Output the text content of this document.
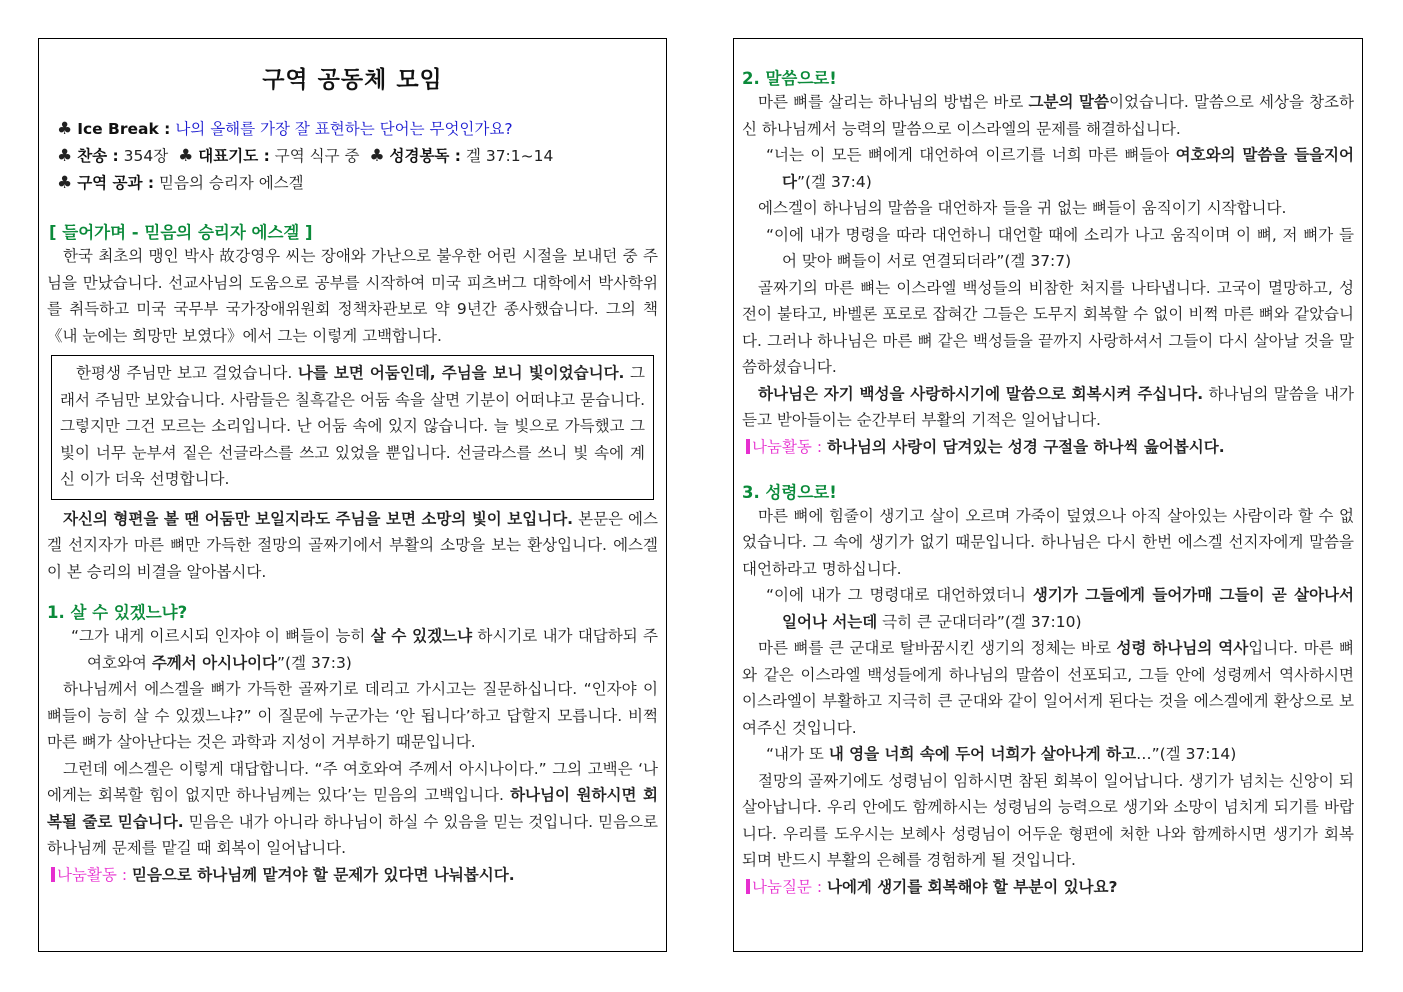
구역 공동체 모임
♣ Ice Break : 나의 올해를 가장 잘 표현하는 단어는 무엇인가요?
♣ 찬송 : 354장 ♣ 대표기도 : 구역 식구 중 ♣ 성경봉독 : 겔 37:1~14
♣ 구역 공과 : 믿음의 승리자 에스겔
[ 들어가며 - 믿음의 승리자 에스겔 ]

한국 최초의 맹인 박사 故강영우 씨는 장애와 가난으로 불우한 어린 시절을 보내던 중 주님을 만났습니다. 선교사님의 도움으로 공부를 시작하여 미국 피츠버그 대학에서 박사학위를 취득하고 미국 국무부 국가장애위원회 정책차관보로 약 9년간 종사했습니다. 그의 책《내 눈에는 희망만 보였다》에서 그는 이렇게 고백합니다.

한평생 주님만 보고 걸었습니다. 나를 보면 어둠인데, 주님을 보니 빛이었습니다. 그래서 주님만 보았습니다. 사람들은 칠흑같은 어둠 속을 살면 기분이 어떠냐고 묻습니다. 그렇지만 그건 모르는 소리입니다. 난 어둠 속에 있지 않습니다. 늘 빛으로 가득했고 그 빛이 너무 눈부셔 짙은 선글라스를 쓰고 있었을 뿐입니다. 선글라스를 쓰니 빛 속에 계신 이가 더욱 선명합니다.

자신의 형편을 볼 땐 어둠만 보일지라도 주님을 보면 소망의 빛이 보입니다. 본문은 에스겔 선지자가 마른 뼈만 가득한 절망의 골짜기에서 부활의 소망을 보는 환상입니다. 에스겔이 본 승리의 비결을 알아봅시다.

1. 살 수 있겠느냐?

“그가 내게 이르시되 인자야 이 뼈들이 능히 살 수 있겠느냐 하시기로 내가 대답하되 주 여호와여 주께서 아시나이다”(겔 37:3)

하나님께서 에스겔을 뼈가 가득한 골짜기로 데리고 가시고는 질문하십니다. “인자야 이 뼈들이 능히 살 수 있겠느냐?” 이 질문에 누군가는 ‘안 됩니다’하고 답할지 모릅니다. 비쩍 마른 뼈가 살아난다는 것은 과학과 지성이 거부하기 때문입니다.

그런데 에스겔은 이렇게 대답합니다. “주 여호와여 주께서 아시나이다.” 그의 고백은 ‘나에게는 회복할 힘이 없지만 하나님께는 있다’는 믿음의 고백입니다. 하나님이 원하시면 회복될 줄로 믿습니다. 믿음은 내가 아니라 하나님이 하실 수 있음을 믿는 것입니다. 믿음으로 하나님께 문제를 맡길 때 회복이 일어납니다.

나눔활동 : 믿음으로 하나님께 맡겨야 할 문제가 있다면 나눠봅시다.
2. 말씀으로!

마른 뼈를 살리는 하나님의 방법은 바로 그분의 말씀이었습니다. 말씀으로 세상을 창조하신 하나님께서 능력의 말씀으로 이스라엘의 문제를 해결하십니다.

“너는 이 모든 뼈에게 대언하여 이르기를 너희 마른 뼈들아 여호와의 말씀을 들을지어다”(겔 37:4)

에스겔이 하나님의 말씀을 대언하자 들을 귀 없는 뼈들이 움직이기 시작합니다.

“이에 내가 명령을 따라 대언하니 대언할 때에 소리가 나고 움직이며 이 뼈, 저 뼈가 들어 맞아 뼈들이 서로 연결되더라”(겔 37:7)

골짜기의 마른 뼈는 이스라엘 백성들의 비참한 처지를 나타냅니다. 고국이 멸망하고, 성전이 불타고, 바벨론 포로로 잡혀간 그들은 도무지 회복할 수 없이 비쩍 마른 뼈와 같았습니다. 그러나 하나님은 마른 뼈 같은 백성들을 끝까지 사랑하셔서 그들이 다시 살아날 것을 말씀하셨습니다.

하나님은 자기 백성을 사랑하시기에 말씀으로 회복시켜 주십니다. 하나님의 말씀을 내가 듣고 받아들이는 순간부터 부활의 기적은 일어납니다.

나눔활동 : 하나님의 사랑이 담겨있는 성경 구절을 하나씩 읊어봅시다.
3. 성령으로!

마른 뼈에 힘줄이 생기고 살이 오르며 가죽이 덮였으나 아직 살아있는 사람이라 할 수 없었습니다. 그 속에 생기가 없기 때문입니다. 하나님은 다시 한번 에스겔 선지자에게 말씀을 대언하라고 명하십니다.

“이에 내가 그 명령대로 대언하였더니 생기가 그들에게 들어가매 그들이 곧 살아나서 일어나 서는데 극히 큰 군대더라”(겔 37:10)

마른 뼈를 큰 군대로 탈바꿈시킨 생기의 정체는 바로 성령 하나님의 역사입니다. 마른 뼈와 같은 이스라엘 백성들에게 하나님의 말씀이 선포되고, 그들 안에 성령께서 역사하시면 이스라엘이 부활하고 지극히 큰 군대와 같이 일어서게 된다는 것을 에스겔에게 환상으로 보여주신 것입니다.

“내가 또 내 영을 너희 속에 두어 너희가 살아나게 하고…”(겔 37:14)

절망의 골짜기에도 성령님이 임하시면 참된 회복이 일어납니다. 생기가 넘치는 신앙이 되살아납니다. 우리 안에도 함께하시는 성령님의 능력으로 생기와 소망이 넘치게 되기를 바랍니다. 우리를 도우시는 보혜사 성령님이 어두운 형편에 처한 나와 함께하시면 생기가 회복되며 반드시 부활의 은혜를 경험하게 될 것입니다.

나눔질문 : 나에게 생기를 회복해야 할 부분이 있나요?
